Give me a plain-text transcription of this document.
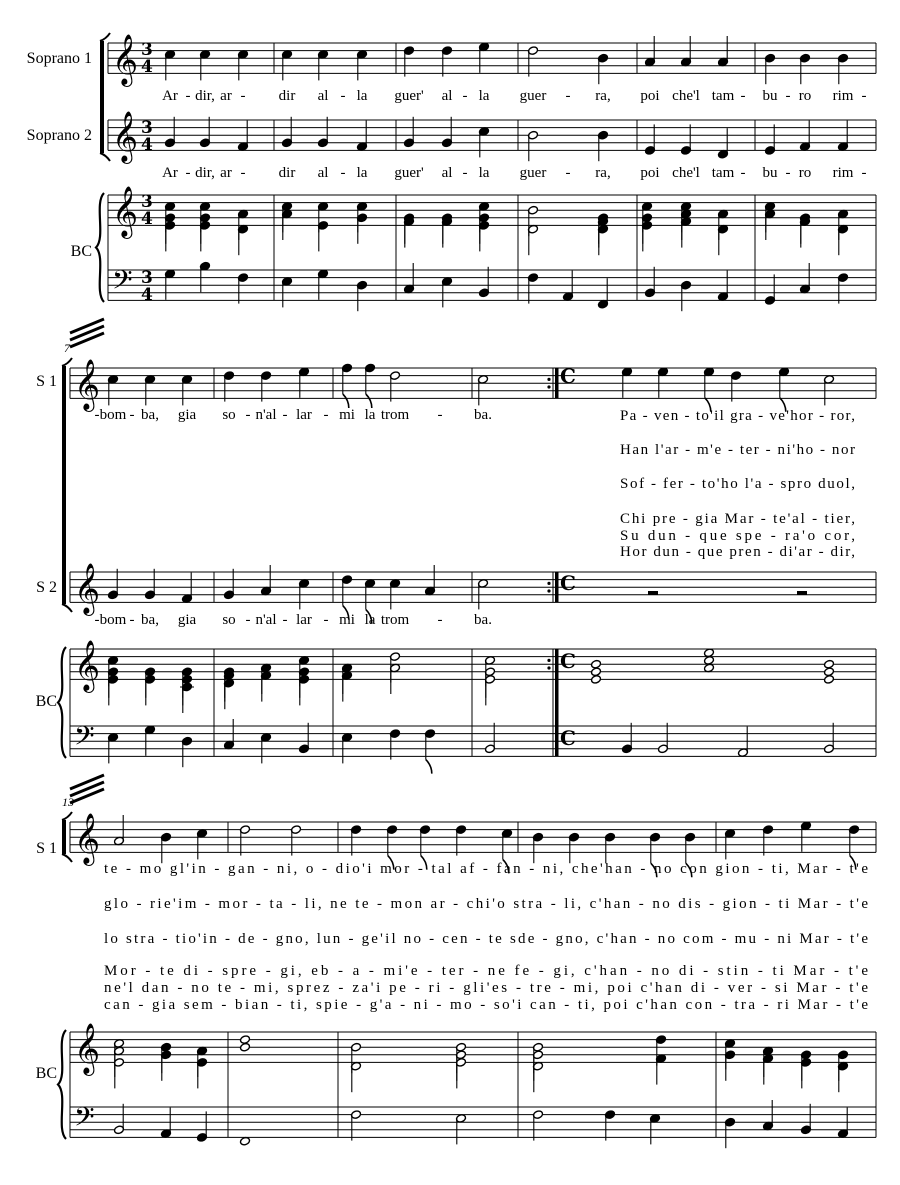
𝄞
𝄞
𝄞
𝄞
𝄞
𝄞
𝄞
𝄞
𝄢
𝄢
𝄢
Soprano 1
Soprano 2
BC
S 1
S 2
BC
S 1
BC
7
13
3
4
3
4
3
4
3
4
C
C
C
C
Ar - dir, ar - dir al - la guer' al - la guer - ra, poi che'l tam - bu - ro rim -
Ar - dir, ar - dir al - la guer' al - la guer - ra, poi che'l tam - bu - ro rim -
- bom - ba, gia so - n'al - lar - mi la trom - ba.
- bom - ba, gia so - n'al - lar - mi la trom - ba.
Pa - ven - to'il gra - ve'hor - ror,
Han l'ar - m'e - ter - ni'ho - nor
Sof - fer - to'ho l'a - spro duol,
Chi pre - gia Mar - te'al - tier,
Su dun - que spe - ra'o cor,
Hor dun - que pren - di'ar - dir,
te - mo gl'in - gan - ni, o - dio'i mor - tal af - fan - ni, che'han - no con gion - ti, Mar - t'e
glo - rie'im - mor - ta - li, ne te - mon ar - chi'o stra - li, c'han - no dis - gion - ti Mar - t'e
lo stra - tio'in - de - gno, lun - ge'il no - cen - te sde - gno, c'han - no com - mu - ni Mar - t'e
Mor - te di - spre - gi, eb - a - mi'e - ter - ne fe - gi, c'han - no di - stin - ti Mar - t'e
ne'l dan - no te - mi, sprez - za'i pe - ri - gli'es - tre - mi, poi c'han di - ver - si Mar - t'e
can - gia sem - bian - ti, spie - g'a - ni - mo - so'i can - ti, poi c'han con - tra - ri Mar - t'e
